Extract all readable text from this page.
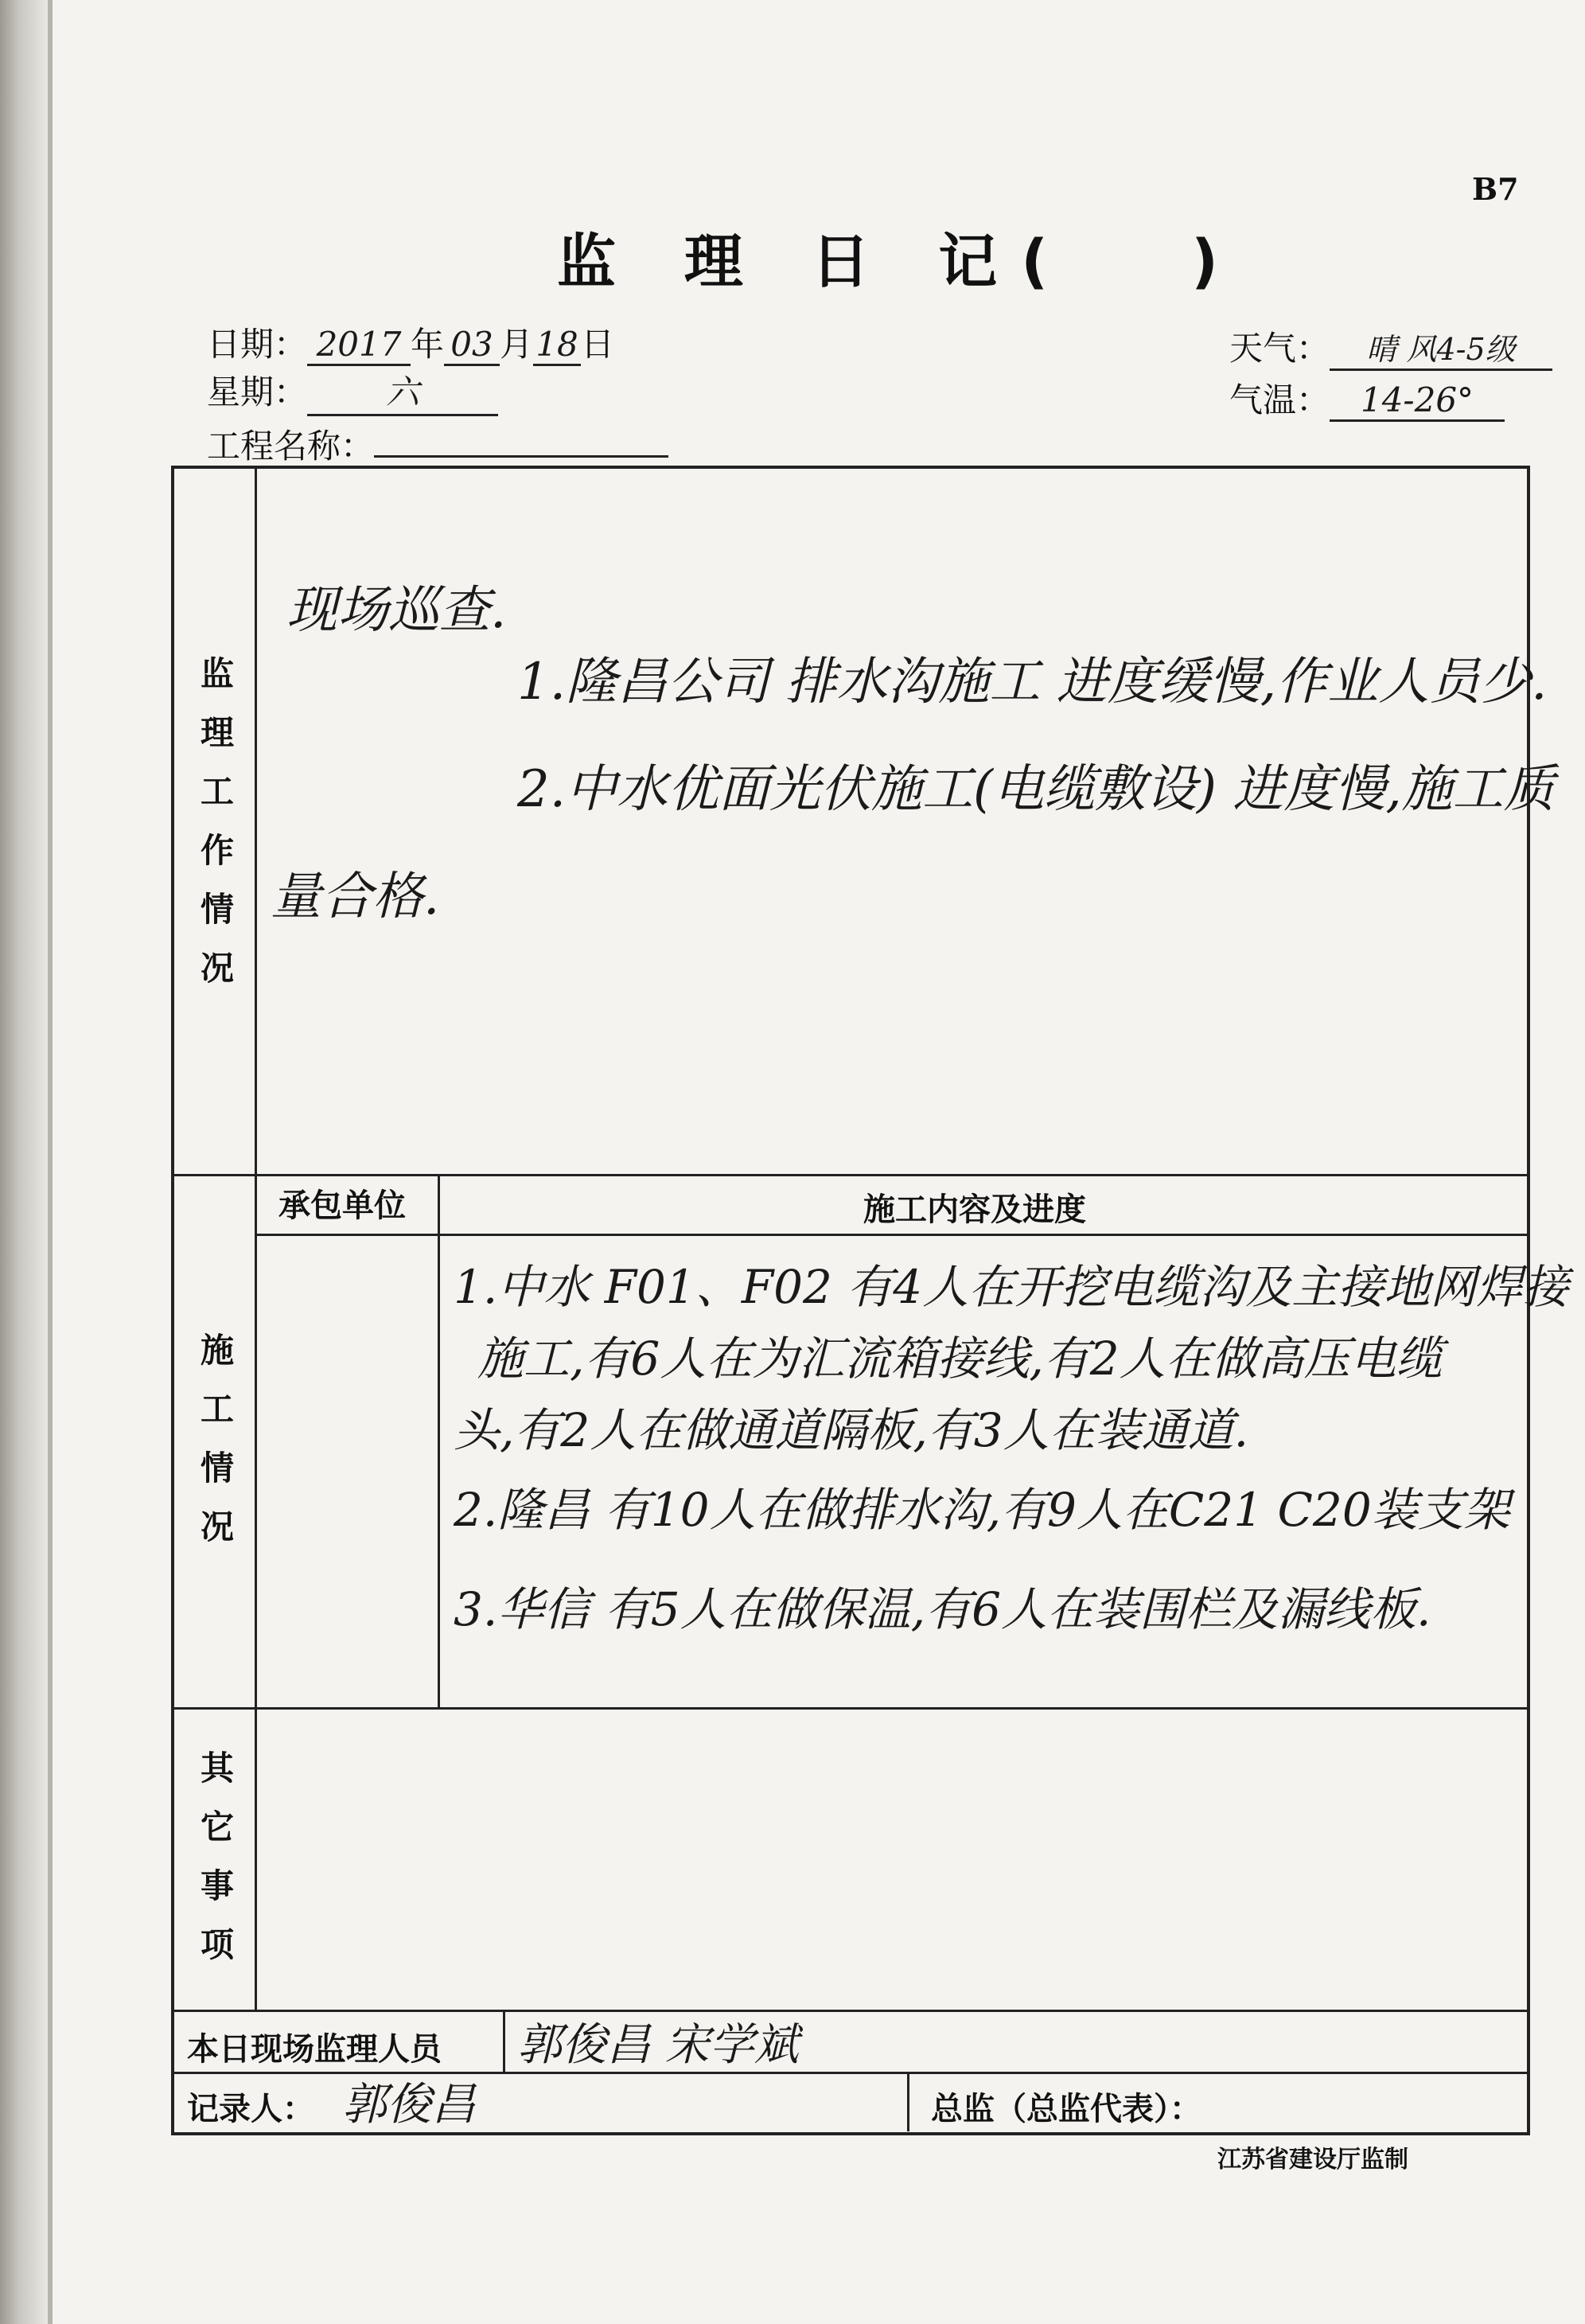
B7
监 理 日 记( )
日期： 2017 年 03 月18日
星期： 六
工程名称：
天气： 晴 风4-5级
气温： 14-26°
监理工作情况
施工情况
其它事项
承包单位	施工内容及进度
现场巡查.
1.隆昌公司 排水沟施工 进度缓慢,作业人员少.
2.中水优面光伏施工(电缆敷设) 进度慢,施工质
量合格.
1.中水 F01、F02 有4人在开挖电缆沟及主接地网焊接
施工,有6人在为汇流箱接线,有2人在做高压电缆
头,有2人在做通道隔板,有3人在装通道.
2.隆昌 有10人在做排水沟,有9人在C21 C20装支架
3.华信 有5人在做保温,有6人在装围栏及漏线板.
本日现场监理人员 郭俊昌 宋学斌
记录人： 郭俊昌	总监（总监代表）：
江苏省建设厅监制
